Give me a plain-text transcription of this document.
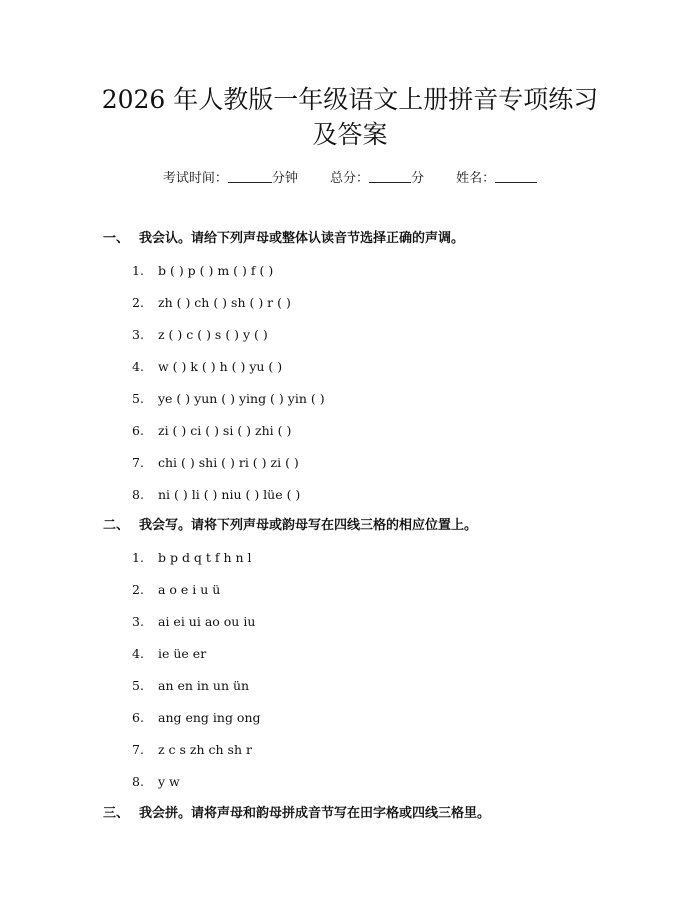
2026 年人教版一年级语文上册拼音专项练习
及答案
考试时间：	分钟 总分：	分 姓名：
一、 我会认。请给下列声母或整体认读音节选择正确的声调。
1. b ( ) p ( ) m ( ) f ( )
2. zh ( ) ch ( ) sh ( ) r ( )
3. z ( ) c ( ) s ( ) y ( )
4. w ( ) k ( ) h ( ) yu ( )
5. ye ( ) yun ( ) ying ( ) yin ( )
6. zi ( ) ci ( ) si ( ) zhi ( )
7. chi ( ) shi ( ) ri ( ) zi ( )
8. ni ( ) li ( ) niu ( ) lüe ( )
二、 我会写。请将下列声母或韵母写在四线三格的相应位置上。
1. b p d q t f h n l
2. a o e i u ü
3. ai ei ui ao ou iu
4. ie üe er
5. an en in un ün
6. ang eng ing ong
7. z c s zh ch sh r
8. y w
三、 我会拼。请将声母和韵母拼成音节写在田字格或四线三格里。
